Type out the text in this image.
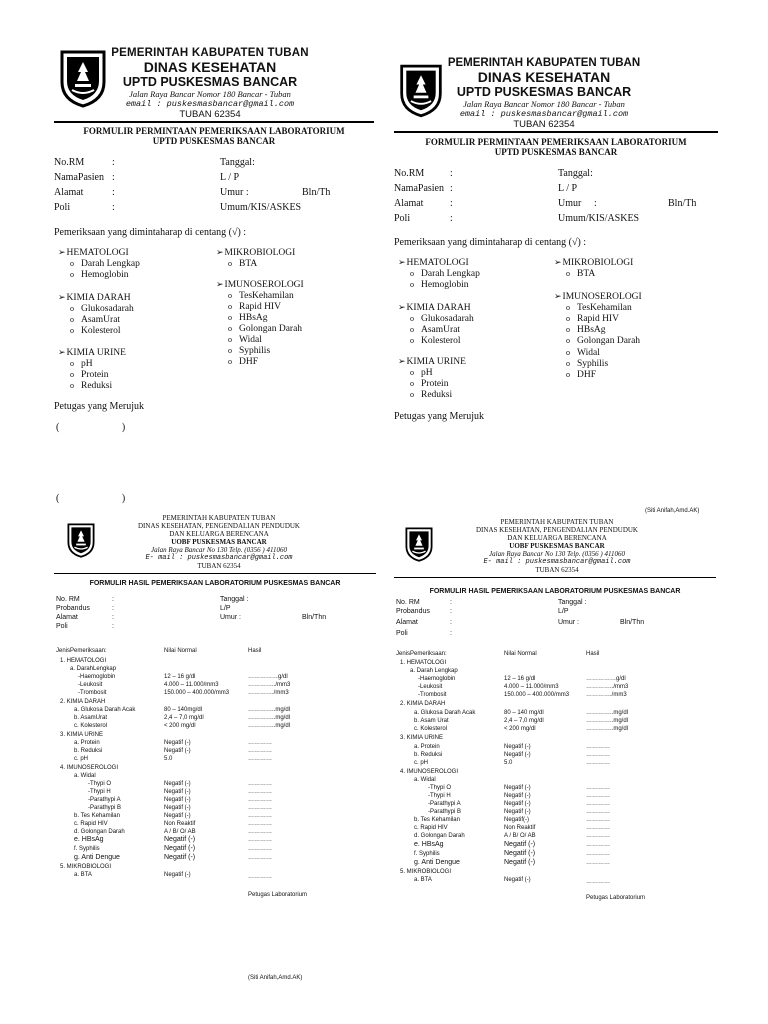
PEMERINTAH KABUPATEN TUBAN
DINAS KESEHATAN
UPTD PUSKESMAS BANCAR
Jalan Raya Bancar Nomor 180 Bancar - Tuban
email : puskesmasbancar@gmail.com
TUBAN 62354
FORMULIR PERMINTAAN PEMERIKSAAN LABORATORIUM
UPTD PUSKESMAS BANCAR
No.RM	:	Tanggal:
NamaPasien :	L / P
Alamat	:	Umur :	Bln/Th
Poli	:	Umum/KIS/ASKES
Pemeriksaan yang dimintaharap di centang (√) :
➢ HEMATOLOGI
o Darah Lengkap
o Hemoglobin
➢ KIMIA DARAH
o Glukosadarah
o AsamUrat
o Kolesterol
➢ KIMIA URINE
o pH
o Protein
o Reduksi
➢ MIKROBIOLOGI
o BTA
➢ IMUNOSEROLOGI
o TesKehamilan
o Rapid HIV
o HBsAg
o Golongan Darah
o Widal
o Syphilis
o DHF
Petugas yang Merujuk
(                         )
PEMERINTAH KABUPATEN TUBAN
DINAS KESEHATAN
UPTD PUSKESMAS BANCAR
Jalan Raya Bancar Nomor 180 Bancar - Tuban
email : puskesmasbancar@gmail.com
TUBAN 62354
FORMULIR PERMINTAAN PEMERIKSAAN LABORATORIUM
UPTD PUSKESMAS BANCAR
No.RM	:	Tanggal:
NamaPasien :	L / P
Alamat	:	Umur :	Bln/Th
Poli	:	Umum/KIS/ASKES
Pemeriksaan yang dimintaharap di centang (√) :
➢ HEMATOLOGI
o Darah Lengkap
o Hemoglobin
➢ KIMIA DARAH
o Glukosadarah
o AsamUrat
o Kolesterol
➢ KIMIA URINE
o pH
o Protein
o Reduksi
➢ MIKROBIOLOGI
o BTA
➢ IMUNOSEROLOGI
o TesKehamilan
o Rapid HIV
o HBsAg
o Golongan Darah
o Widal
o Syphilis
o DHF
Petugas yang Merujuk
(                         )
PEMERINTAH KABUPATEN TUBAN
DINAS KESEHATAN, PENGENDALIAN PENDUDUK
DAN KELUARGA BERENCANA
UOBF PUSKESMAS BANCAR
Jalan Raya Bancar No 130 Telp. (0356 ) 411060
E- mail : puskesmasbancar@gmail.com
TUBAN 62354
FORMULIR HASIL PEMERIKSAAN LABORATORIUM PUSKESMAS BANCAR
No. RM	:	Tanggal :
Probandus	:	L/P
Alamat	:	Umur :	Bln/Thn
Poli	:
JenisPemeriksaan:	Nilai Normal	Hasil
1. HEMATOLOGI
a. DarahLengkap
-Haemoglobin	12 – 16 g/dl	……………g/dl
-Leukosit	4.000 – 11.000/mm3	…………../mm3
-Trombosit	150.000 – 400.000/mm3	…………./mm3
2. KIMIA DARAH
a. Glukosa Darah Acak	80 – 140mg/dl	…………..mg/dl
b. AsamUrat	2,4 – 7,0 mg/dl	…………..mg/dl
c. Kolesterol	< 200 mg/dl	…………..mg/dl
3. KIMIA URINE
a. Protein	Negatif (-)	…………
b. Reduksi	Negatif (-)	…………
c. pH	5.0	…………
4. IMUNOSEROLOGI
a. Widal
-Thypi O	Negatif (-)	…………
-Thypi H	Negatif (-)	…………
-Parathypi A	Negatif (-)	…………
-Parathypi B	Negatif (-)	…………
b. Tes Kehamilan	Negatif (-)	…………
c. Rapid HIV	Non Reaktif	…………
d. Golongan Darah	A / B/ O/ AB	…………
e. HBsAg	Negatif (-)	…………
f. Syphilis	Negatif (-)	…………
g. Anti Dengue	Negatif (-)	…………
5. MIKROBIOLOGI
a. BTA	Negatif (-)	…………
Petugas Laboratorium
(Siti Anifah,Amd.AK)
(Siti Anifah,Amd.AK)
PEMERINTAH KABUPATEN TUBAN
DINAS KESEHATAN, PENGENDALIAN PENDUDUK
DAN KELUARGA BERENCANA
UOBF PUSKESMAS BANCAR
Jalan Raya Bancar No 130 Telp. (0356 ) 411060
E- mail : puskesmasbancar@gmail.com
TUBAN 62354
FORMULIR HASIL PEMERIKSAAN LABORATORIUM PUSKESMAS BANCAR
No. RM	:	Tanggal :
Probandus	:	L/P
Alamat	:	Umur :	Bln/Thn
Poli	:
JenisPemeriksaan:	Nilai Normal	Hasil
1. HEMATOLOGI
a. Darah Lengkap
-Haemoglobin	12 – 16 g/dl	……………g/dl
-Leukosit	4.000 – 11.000/mm3	…………../mm3
-Trombosit	150.000 – 400.000/mm3	…………./mm3
2. KIMIA DARAH
a. Glukosa Darah Acak	80 – 140 mg/dl	…………..mg/dl
b. Asam Urat	2,4 – 7,0 mg/dl	…………..mg/dl
c. Kolesterol	< 200 mg/dl	…………..mg/dl
3. KIMIA URINE
a. Protein	Negatif (-)	…………
b. Reduksi	Negatif (-)	…………
c. pH	5.0	…………
4. IMUNOSEROLOGI
a. Widal
-Thypi O	Negatif (-)	…………
-Thypi H	Negatif (-)	…………
-Parathypi A	Negatif (-)	…………
-Parathypi B	Negatif (-)	…………
b. Tes Kehamilan	Negatif(-)	…………
c. Rapid HIV	Non Reaktif	…………
d. Golongan Darah	A / B/ O/ AB	…………
e. HBsAg	Negatif (-)	…………
f. Syphilis	Negatif (-)	…………
g. Anti Dengue	Negatif (-)	…………
5. MIKROBIOLOGI
a. BTA	Negatif (-)	…………
Petugas Laboratorium
